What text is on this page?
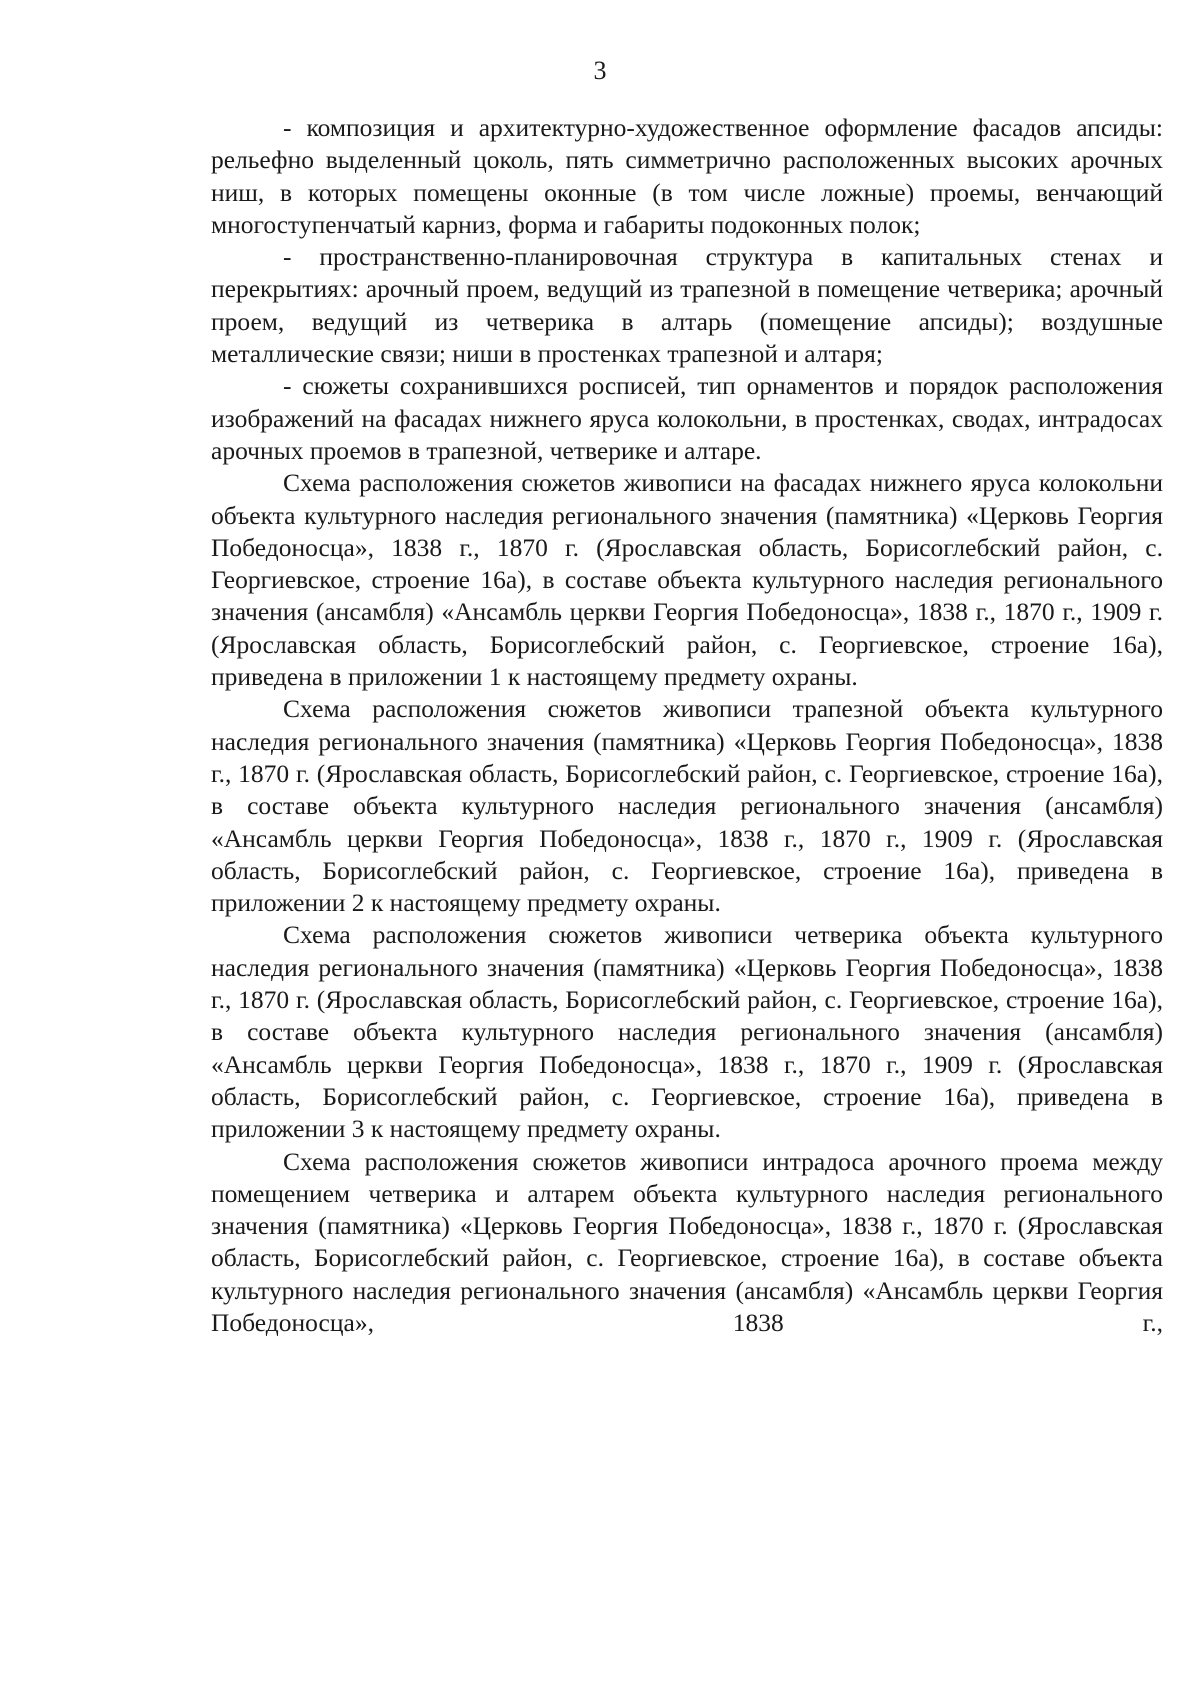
3

- композиция и архитектурно-художественное оформление фасадов апсиды: рельефно выделенный цоколь, пять симметрично расположенных высоких арочных ниш, в которых помещены оконные (в том числе ложные) проемы, венчающий многоступенчатый карниз, форма и габариты подоконных полок;

- пространственно-планировочная структура в капитальных стенах и перекрытиях: арочный проем, ведущий из трапезной в помещение четверика; арочный проем, ведущий из четверика в алтарь (помещение апсиды); воздушные металлические связи; ниши в простенках трапезной и алтаря;

- сюжеты сохранившихся росписей, тип орнаментов и порядок расположения изображений на фасадах нижнего яруса колокольни, в простенках, сводах, интрадосах арочных проемов в трапезной, четверике и алтаре.

Схема расположения сюжетов живописи на фасадах нижнего яруса колокольни объекта культурного наследия регионального значения (памятника) «Церковь Георгия Победоносца», 1838 г., 1870 г. (Ярославская область, Борисоглебский район, с. Георгиевское, строение 16а), в составе объекта культурного наследия регионального значения (ансамбля) «Ансамбль церкви Георгия Победоносца», 1838 г., 1870 г., 1909 г. (Ярославская область, Борисоглебский район, с. Георгиевское, строение 16а), приведена в приложении 1 к настоящему предмету охраны.

Схема расположения сюжетов живописи трапезной объекта культурного наследия регионального значения (памятника) «Церковь Георгия Победоносца», 1838 г., 1870 г. (Ярославская область, Борисоглебский район, с. Георгиевское, строение 16а), в составе объекта культурного наследия регионального значения (ансамбля) «Ансамбль церкви Георгия Победоносца», 1838 г., 1870 г., 1909 г. (Ярославская область, Борисоглебский район, с. Георгиевское, строение 16а), приведена в приложении 2 к настоящему предмету охраны.

Схема расположения сюжетов живописи четверика объекта культурного наследия регионального значения (памятника) «Церковь Георгия Победоносца», 1838 г., 1870 г. (Ярославская область, Борисоглебский район, с. Георгиевское, строение 16а), в составе объекта культурного наследия регионального значения (ансамбля) «Ансамбль церкви Георгия Победоносца», 1838 г., 1870 г., 1909 г. (Ярославская область, Борисоглебский район, с. Георгиевское, строение 16а), приведена в приложении 3 к настоящему предмету охраны.

Схема расположения сюжетов живописи интрадоса арочного проема между помещением четверика и алтарем объекта культурного наследия регионального значения (памятника) «Церковь Георгия Победоносца», 1838 г., 1870 г. (Ярославская область, Борисоглебский район, с. Георгиевское, строение 16а), в составе объекта культурного наследия регионального значения (ансамбля) «Ансамбль церкви Георгия Победоносца», 1838 г.,
